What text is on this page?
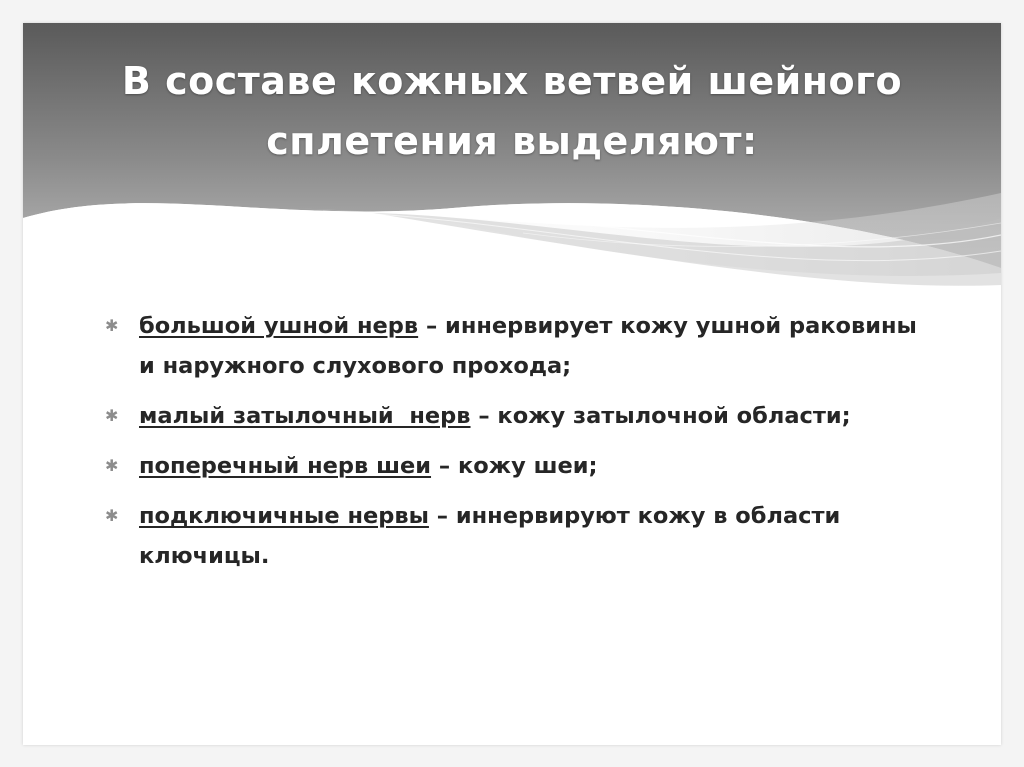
В составе кожных ветвей шейного
сплетения выделяют:
✱ большой ушной нерв – иннервирует кожу ушной раковины и наружного слухового прохода;
✱ малый затылочный  нерв – кожу затылочной области;
✱ поперечный нерв шеи – кожу шеи;
✱ подключичные нервы – иннервируют кожу в области ключицы.
